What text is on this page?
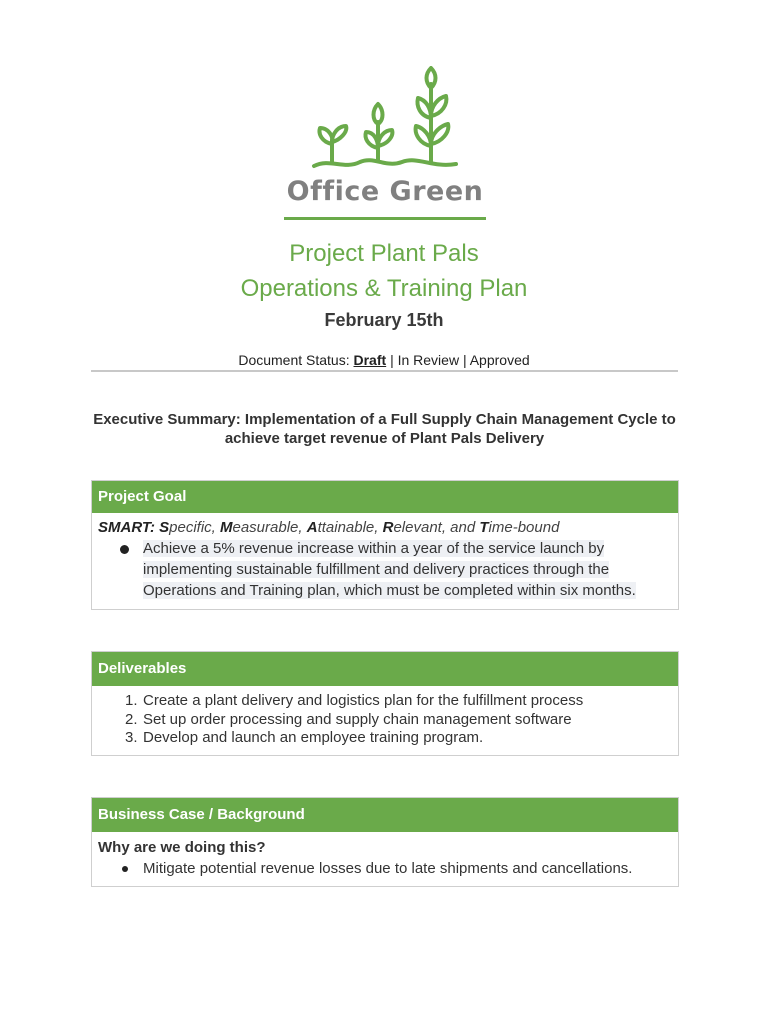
Office Green
Project Plant Pals
Operations & Training Plan
February 15th
Document Status: Draft | In Review | Approved
Executive Summary: Implementation of a Full Supply Chain Management Cycle to
achieve target revenue of Plant Pals Delivery
Project Goal
SMART: Specific, Measurable, Attainable, Relevant, and Time-bound
Achieve a 5% revenue increase within a year of the service launch by
implementing sustainable fulfillment and delivery practices through the
Operations and Training plan, which must be completed within six months.
Deliverables
1. Create a plant delivery and logistics plan for the fulfillment process
2. Set up order processing and supply chain management software
3. Develop and launch an employee training program.
Business Case / Background
Why are we doing this?
Mitigate potential revenue losses due to late shipments and cancellations.
